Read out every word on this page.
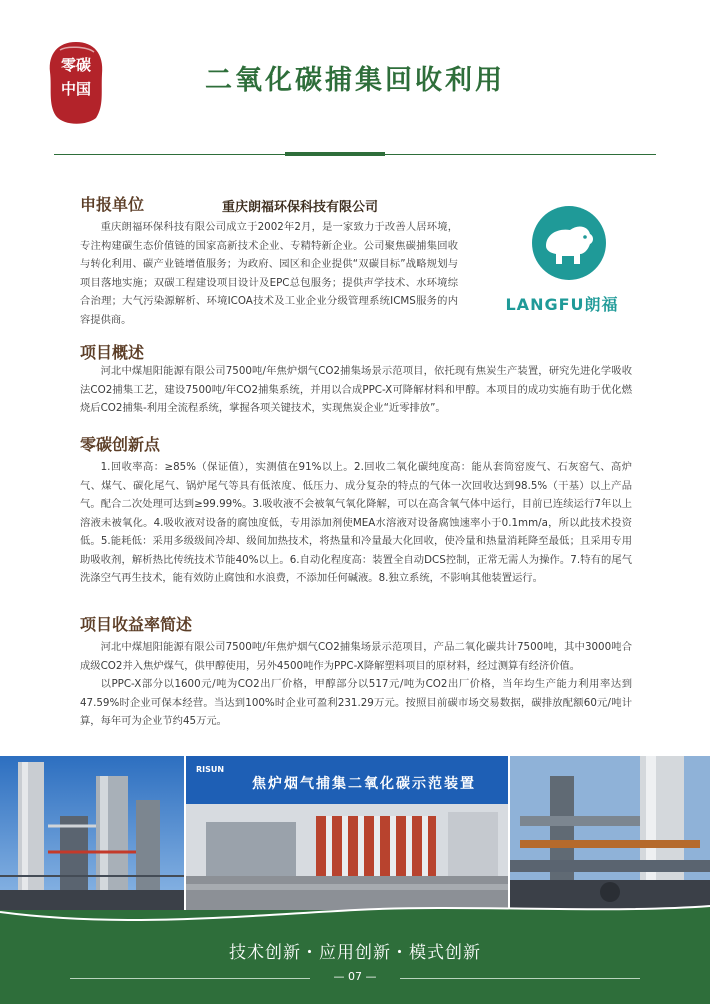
零碳
中国	二氧化碳捕集回收利用
申报单位	重庆朗福环保科技有限公司

重庆朗福环保科技有限公司成立于2002年2月，是一家致力于改善人居环境，专注构建碳生态价值链的国家高新技术企业、专精特新企业。公司聚焦碳捕集回收与转化利用、碳产业链增值服务；为政府、园区和企业提供“双碳目标”战略规划与项目落地实施；双碳工程建设项目设计及EPC总包服务；提供声学技术、水环境综合治理；大气污染源解析、环境ICOA技术及工业企业分级管理系统ICMS服务的内容提供商。

LANGFU朗福
项目概述

河北中煤旭阳能源有限公司7500吨/年焦炉烟气CO2捕集场景示范项目，依托现有焦炭生产装置，研究先进化学吸收法CO2捕集工艺，建设7500吨/年CO2捕集系统，并用以合成PPC-X可降解材料和甲醇。本项目的成功实施有助于优化燃烧后CO2捕集-利用全流程系统，掌握各项关键技术，实现焦炭企业“近零排放”。

零碳创新点

1.回收率高：≥85%（保证值），实测值在91%以上。2.回收二氧化碳纯度高：能从套筒窑废气、石灰窑气、高炉气、煤气、碳化尾气、锅炉尾气等具有低浓度、低压力、成分复杂的特点的气体一次回收达到98.5%（干基）以上产品气。配合二次处理可达到≥99.99%。3.吸收液不会被氧气氧化降解，可以在高含氧气体中运行，目前已连续运行7年以上溶液未被氧化。4.吸收液对设备的腐蚀度低，专用添加剂使MEA水溶液对设备腐蚀速率小于0.1mm/a，所以此技术投资低。5.能耗低：采用多级级间冷却、级间加热技术，将热量和冷量最大化回收，使冷量和热量消耗降至最低；且采用专用助吸收剂，解析热比传统技术节能40%以上。6.自动化程度高：装置全自动DCS控制，正常无需人为操作。7.特有的尾气洗涤空气再生技术，能有效防止腐蚀和水浪费，不添加任何碱液。8.独立系统，不影响其他装置运行。

项目收益率简述

河北中煤旭阳能源有限公司7500吨/年焦炉烟气CO2捕集场景示范项目，产品二氧化碳共计7500吨，其中3000吨合成级CO2并入焦炉煤气，供甲醇使用，另外4500吨作为PPC-X降解塑料项目的原材料，经过测算有经济价值。

以PPC-X部分以1600元/吨为CO2出厂价格，甲醇部分以517元/吨为CO2出厂价格，当年均生产能力利用率达到47.59%时企业可保本经营。当达到100%时企业可盈利231.29万元。按照目前碳市场交易数据，碳排放配额60元/吨计算，每年可为企业节约45万元。

RISUN
焦炉烟气捕集二氧化碳示范装置
技术创新・应用创新・模式创新
— 07 —
